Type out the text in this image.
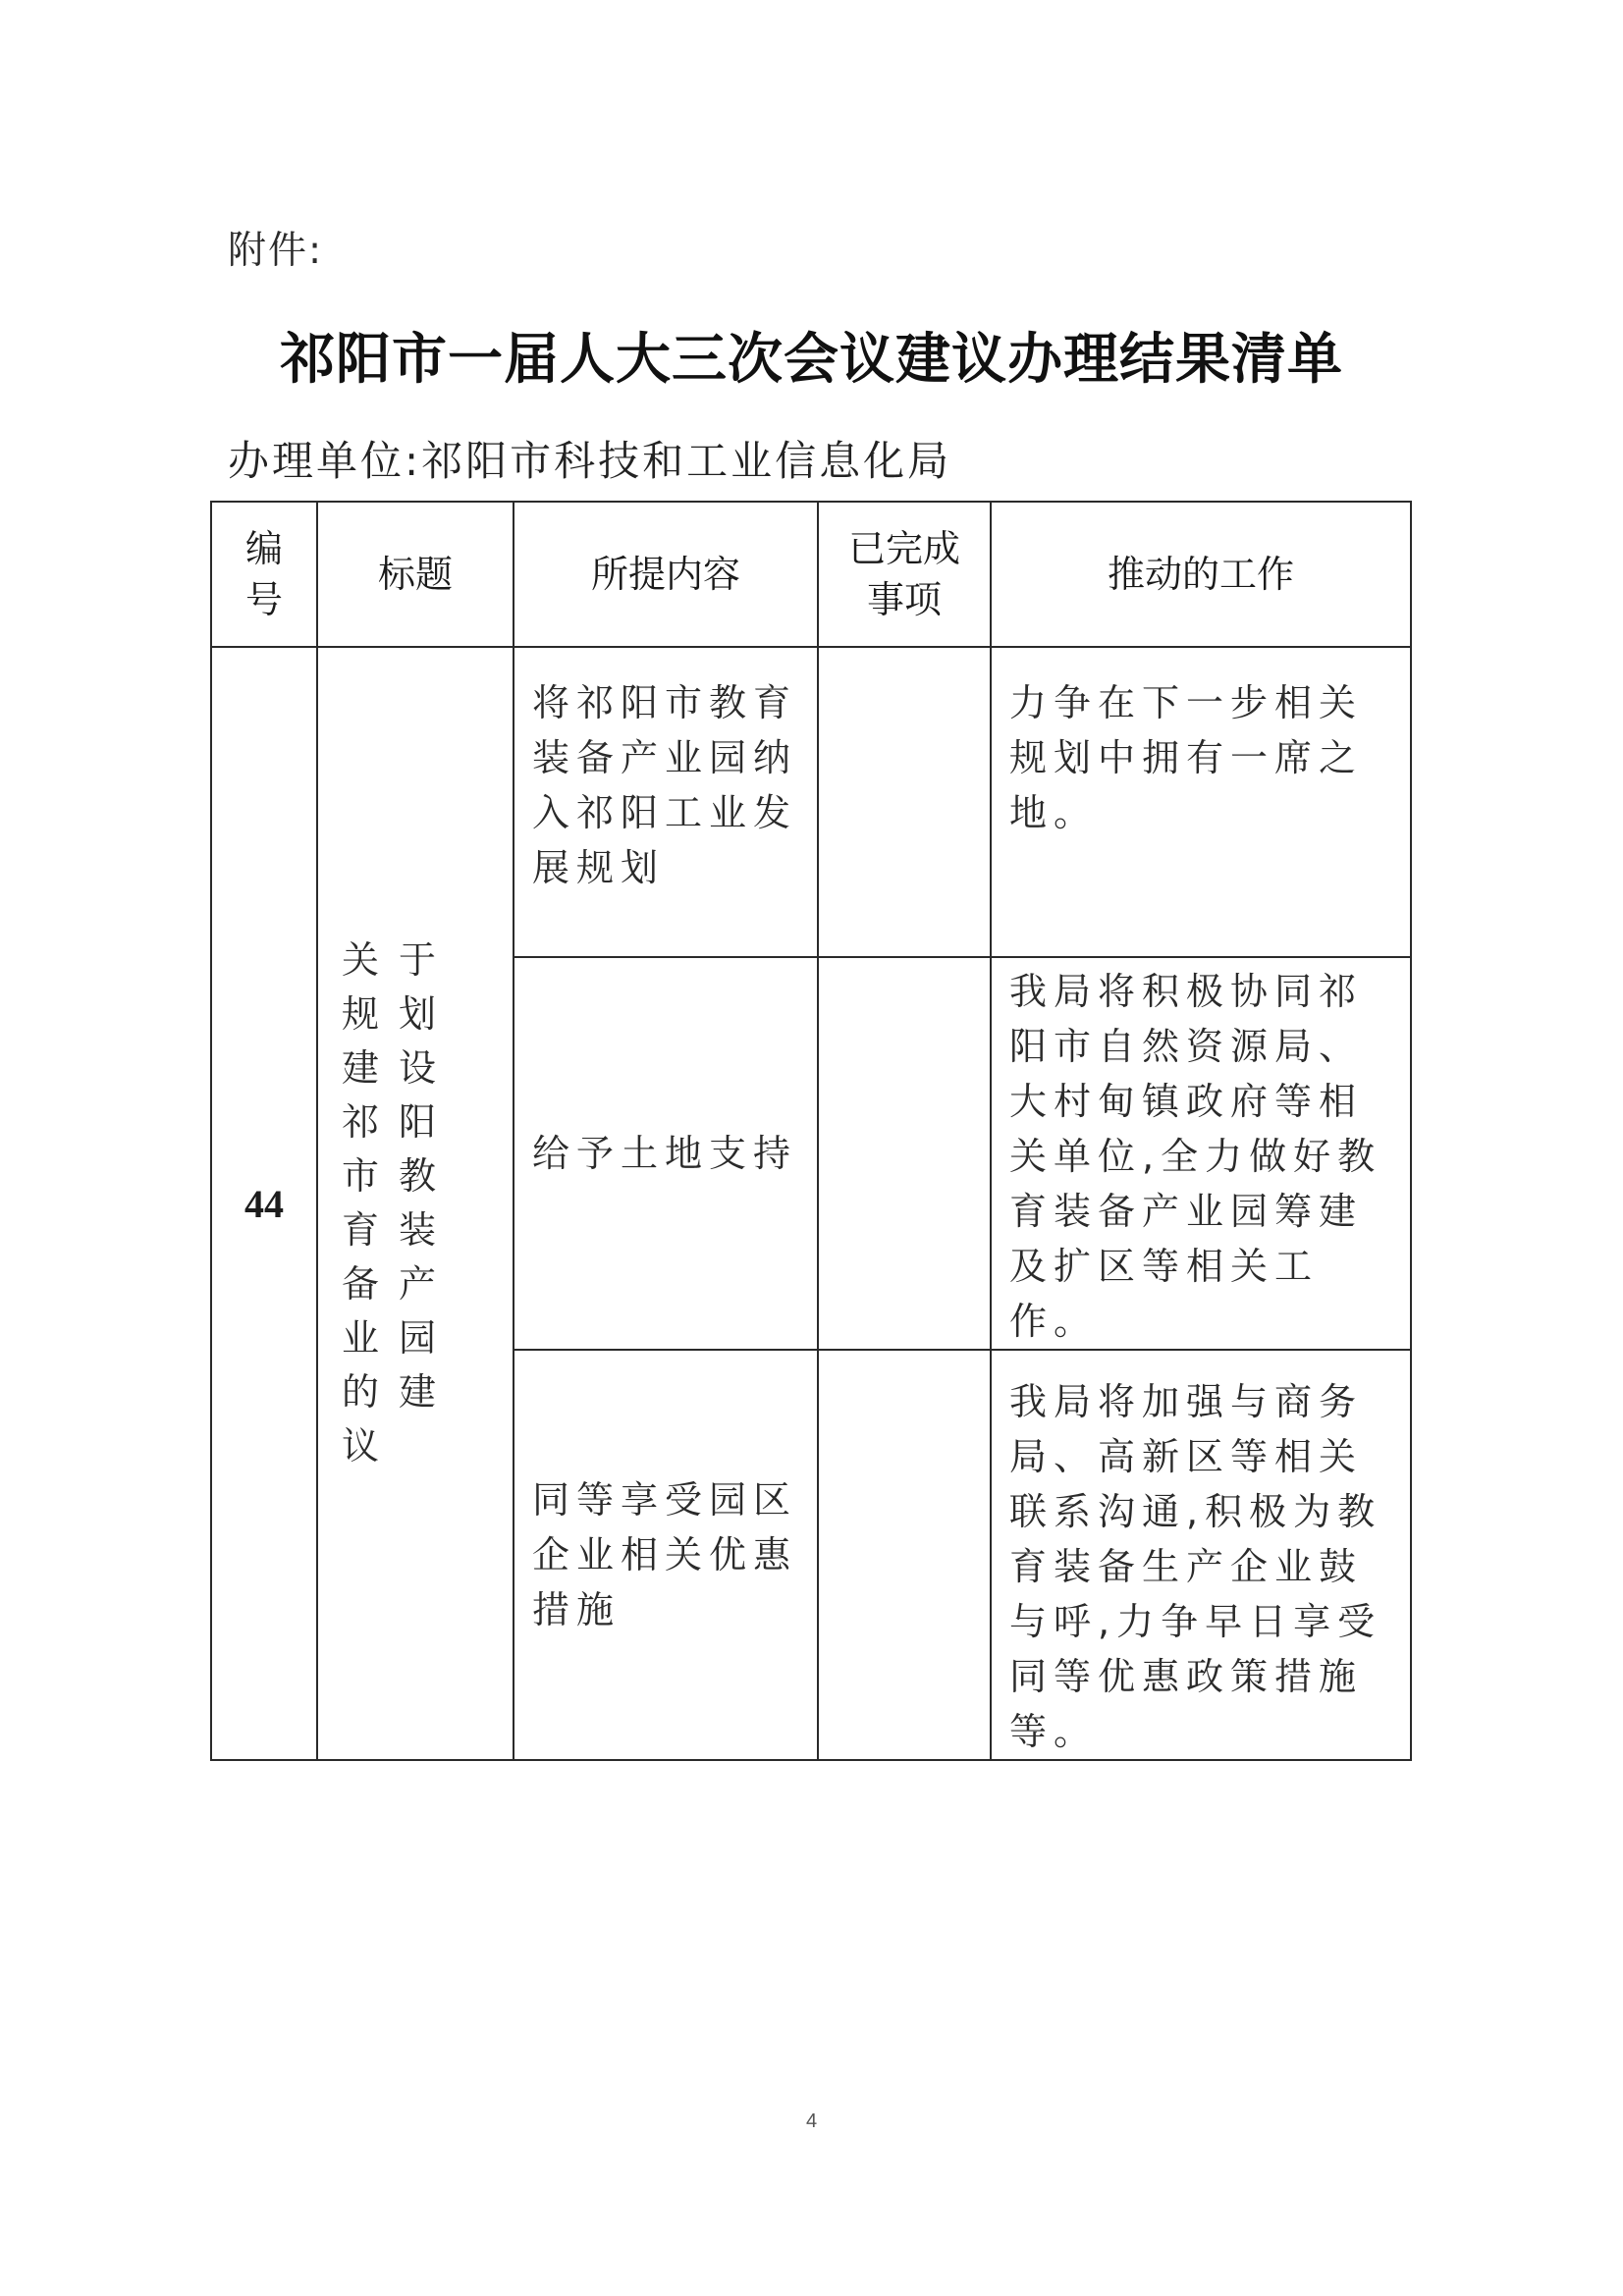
附件:
祁阳市一届人大三次会议建议办理结果清单
办理单位:祁阳市科技和工业信息化局
编号	标题	所提内容	已完成事项	推动的工作
44	关于规划建设祁阳市教育装备产业园的建议	将祁阳市教育装备产业园纳入祁阳工业发展规划		力争在下一步相关规划中拥有一席之地。
		给予土地支持		我局将积极协同祁阳市自然资源局、大村甸镇政府等相关单位,全力做好教育装备产业园筹建及扩区等相关工作。
		同等享受园区企业相关优惠措施		我局将加强与商务局、高新区等相关联系沟通,积极为教育装备生产企业鼓与呼,力争早日享受同等优惠政策措施等。
4
